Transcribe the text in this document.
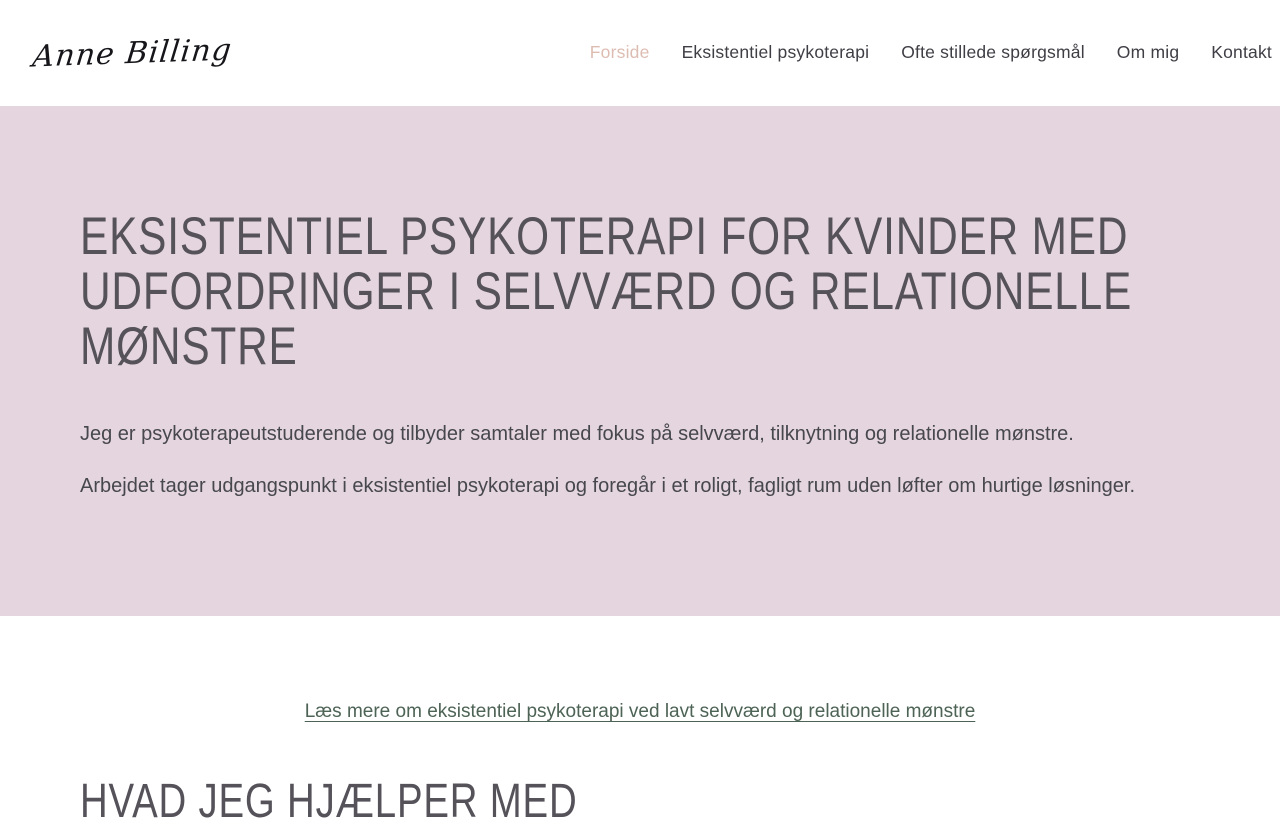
Anne Billing	Forside Eksistentiel psykoterapi Ofte stillede spørgsmål Om mig Kontakt
EKSISTENTIEL PSYKOTERAPI FOR KVINDER MED UDFORDRINGER I SELVVÆRD OG RELATIONELLE MØNSTRE

Jeg er psykoterapeutstuderende og tilbyder samtaler med fokus på selvværd, tilknytning og relationelle mønstre.

Arbejdet tager udgangspunkt i eksistentiel psykoterapi og foregår i et roligt, fagligt rum uden løfter om hurtige løsninger.

Læs mere om eksistentiel psykoterapi ved lavt selvværd og relationelle mønstre
HVAD JEG HJÆLPER MED
